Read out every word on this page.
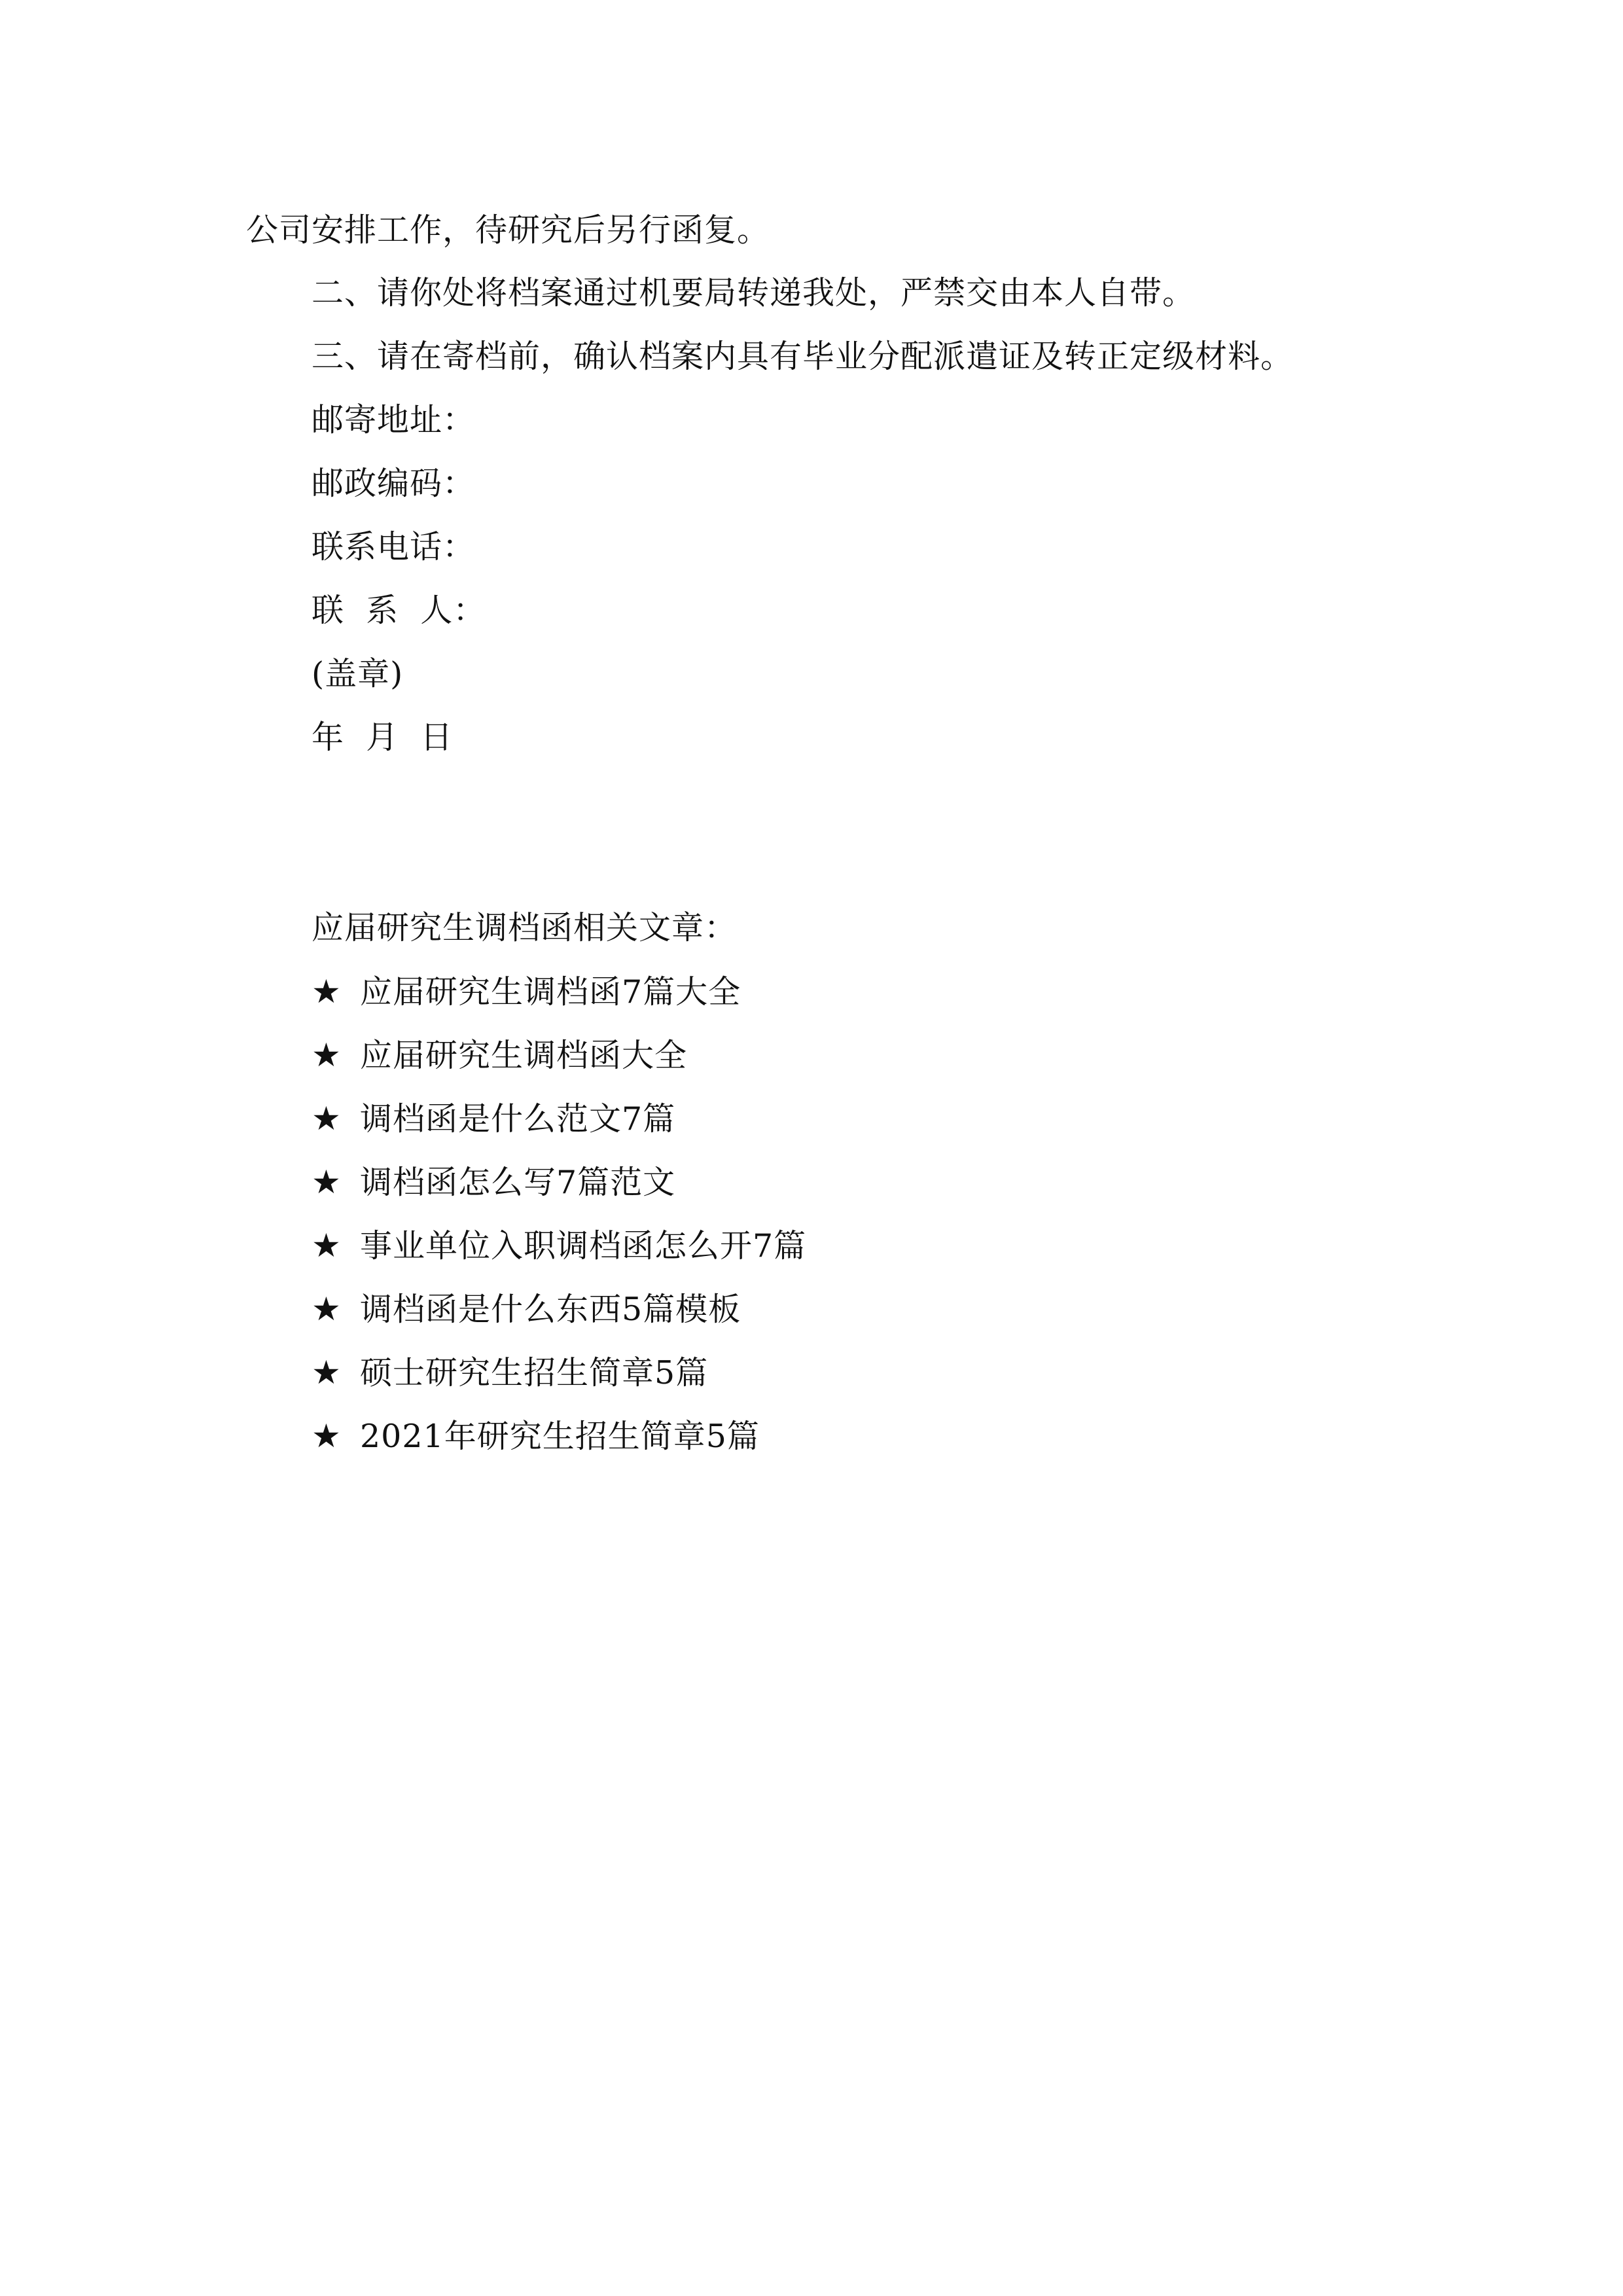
公司安排工作，待研究后另行函复。
二、请你处将档案通过机要局转递我处，严禁交由本人自带。
三、请在寄档前，确认档案内具有毕业分配派遣证及转正定级材料。
邮寄地址：
邮政编码：
联系电话：
联  系  人：
(盖章)
年  月  日
应届研究生调档函相关文章：
★ 应届研究生调档函7篇大全
★ 应届研究生调档函大全
★ 调档函是什么范文7篇
★ 调档函怎么写7篇范文
★ 事业单位入职调档函怎么开7篇
★ 调档函是什么东西5篇模板
★ 硕士研究生招生简章5篇
★ 2021年研究生招生简章5篇
